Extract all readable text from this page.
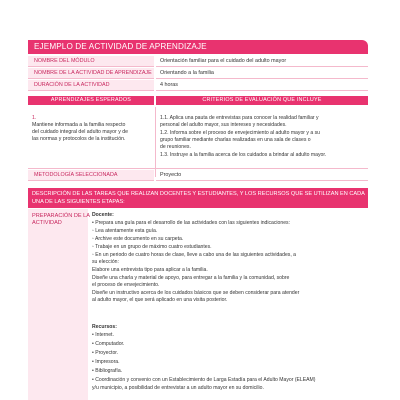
EJEMPLO DE ACTIVIDAD DE APRENDIZAJE
NOMBRE DEL MÓDULO	Orientación familiar para el cuidado del adulto mayor
NOMBRE DE LA ACTIVIDAD DE APRENDIZAJE Orientando a la familia
DURACIÓN DE LA ACTIVIDAD	4 horas
APRENDIZAJES ESPERADOS	CRITERIOS DE EVALUACIÓN QUE INCLUYE

1.

Mantiene informada a la familia respecto

del cuidado integral del adulto mayor y de

las normas y protocolos de la institución.

1.1. Aplica una pauta de entrevistas para conocer la realidad familiar y
personal del adulto mayor, sus intereses y necesidades.
1.2. Informa sobre el proceso de envejecimiento al adulto mayor y a su
grupo familiar mediante charlas realizadas en una sala de clases o
de reuniones.
1.3. Instruye a la familia acerca de los cuidados a brindar al adulto mayor.
METODOLOGÍA SELECCIONADA	Proyecto
DESCRIPCIÓN DE LAS TAREAS QUE REALIZAN DOCENTES Y ESTUDIANTES, Y LOS RECURSOS QUE SE UTILIZAN EN CADA
UNA DE LAS SIGUIENTES ETAPAS:
PREPARACIÓN DE LA
ACTIVIDAD
Docente:
• Prepara una guía para el desarrollo de las actividades con las siguientes indicaciones:
◦ Lea atentamente esta guía.
◦ Archive este documento en su carpeta.
◦ Trabaje en un grupo de máximo cuatro estudiantes.
◦ En un periodo de cuatro horas de clase, lleve a cabo una de las siguientes actividades, a
su elección:
Elabore una entrevista tipo para aplicar a la familia.
Diseñe una charla y material de apoyo, para entregar a la familia y la comunidad, sobre
el proceso de envejecimiento.
Diseñe un instructivo acerca de los cuidados básicos que se deben considerar para atender
al adulto mayor, el que será aplicado en una visita posterior.
Recursos:
• Internet.
• Computador.
• Proyector.
• Impresora.
• Bibliografía.
• Coordinación y convenio con un Establecimiento de Larga Estadía para el Adulto Mayor (ELEAM)
y/u municipio, a posibilidad de entrevistar a un adulto mayor en su domicilio.
